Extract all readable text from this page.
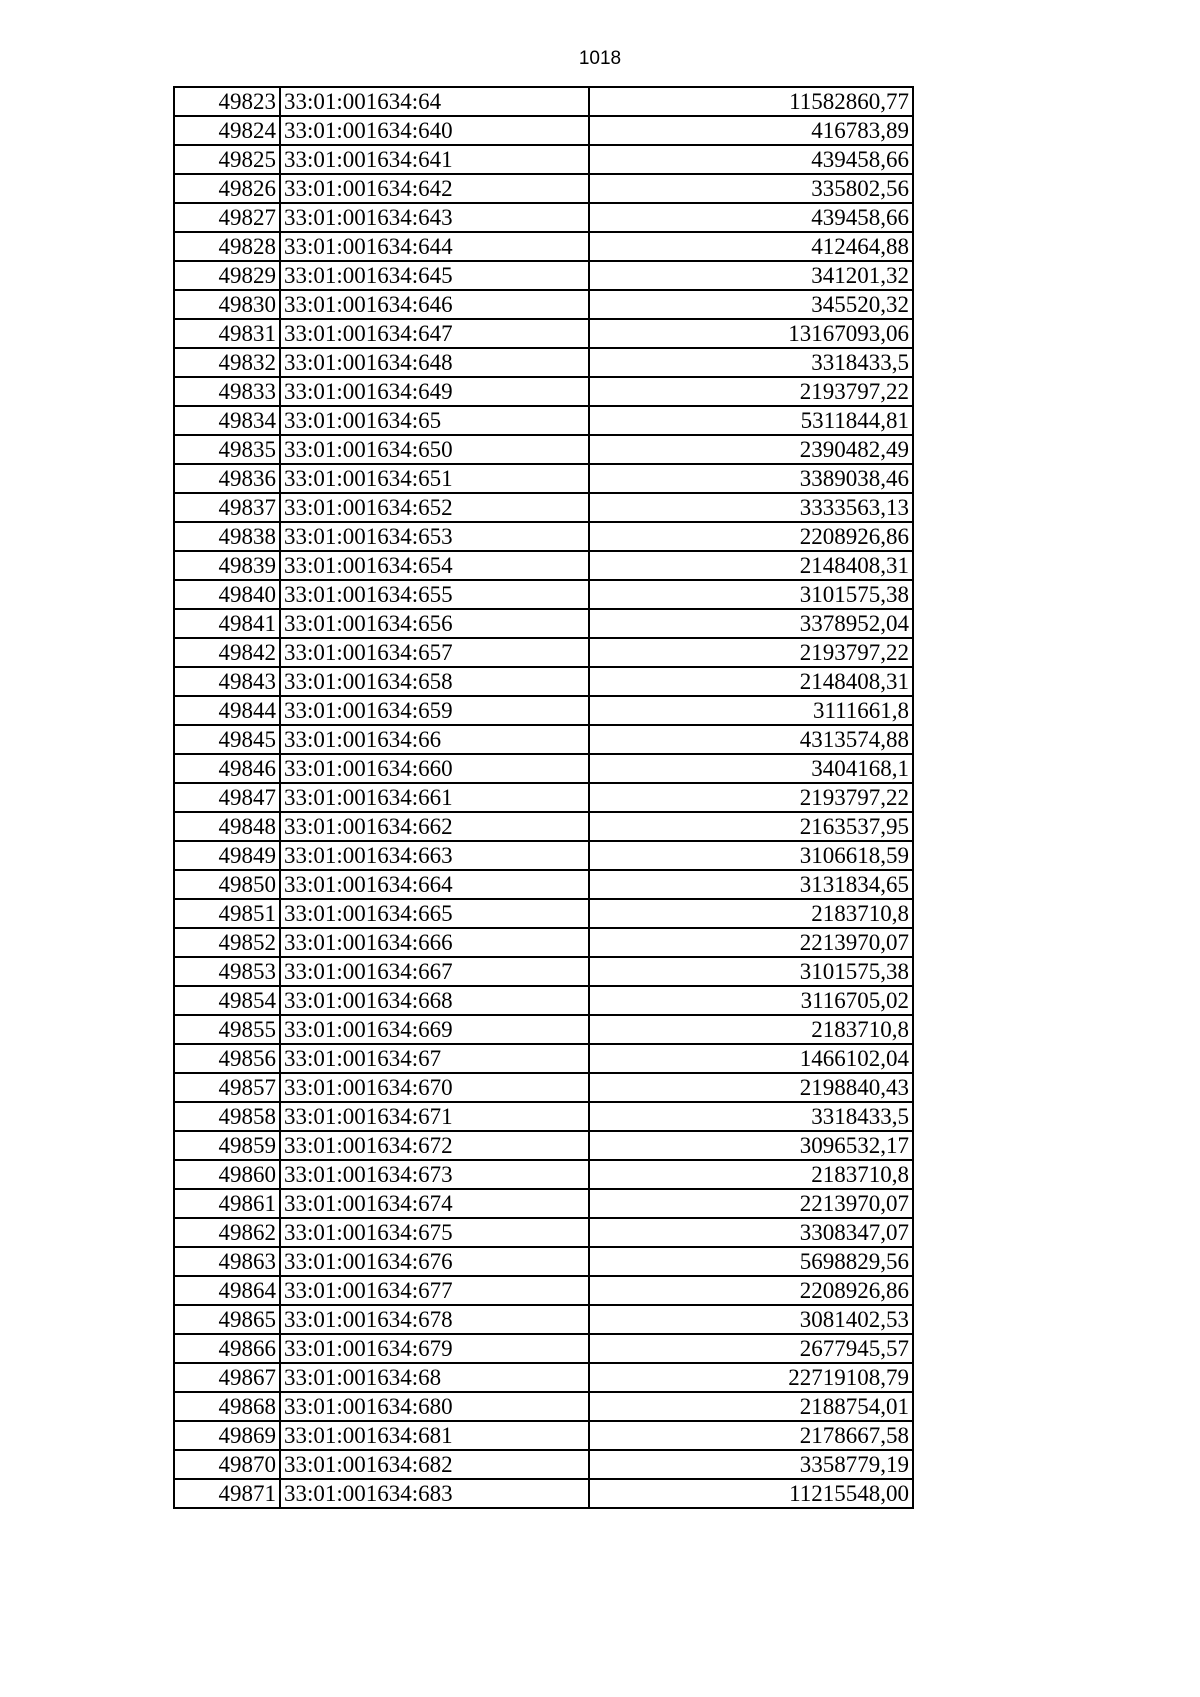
1018
49823	33:01:001634:64	11582860,77
49824	33:01:001634:640	416783,89
49825	33:01:001634:641	439458,66
49826	33:01:001634:642	335802,56
49827	33:01:001634:643	439458,66
49828	33:01:001634:644	412464,88
49829	33:01:001634:645	341201,32
49830	33:01:001634:646	345520,32
49831	33:01:001634:647	13167093,06
49832	33:01:001634:648	3318433,5
49833	33:01:001634:649	2193797,22
49834	33:01:001634:65	5311844,81
49835	33:01:001634:650	2390482,49
49836	33:01:001634:651	3389038,46
49837	33:01:001634:652	3333563,13
49838	33:01:001634:653	2208926,86
49839	33:01:001634:654	2148408,31
49840	33:01:001634:655	3101575,38
49841	33:01:001634:656	3378952,04
49842	33:01:001634:657	2193797,22
49843	33:01:001634:658	2148408,31
49844	33:01:001634:659	3111661,8
49845	33:01:001634:66	4313574,88
49846	33:01:001634:660	3404168,1
49847	33:01:001634:661	2193797,22
49848	33:01:001634:662	2163537,95
49849	33:01:001634:663	3106618,59
49850	33:01:001634:664	3131834,65
49851	33:01:001634:665	2183710,8
49852	33:01:001634:666	2213970,07
49853	33:01:001634:667	3101575,38
49854	33:01:001634:668	3116705,02
49855	33:01:001634:669	2183710,8
49856	33:01:001634:67	1466102,04
49857	33:01:001634:670	2198840,43
49858	33:01:001634:671	3318433,5
49859	33:01:001634:672	3096532,17
49860	33:01:001634:673	2183710,8
49861	33:01:001634:674	2213970,07
49862	33:01:001634:675	3308347,07
49863	33:01:001634:676	5698829,56
49864	33:01:001634:677	2208926,86
49865	33:01:001634:678	3081402,53
49866	33:01:001634:679	2677945,57
49867	33:01:001634:68	22719108,79
49868	33:01:001634:680	2188754,01
49869	33:01:001634:681	2178667,58
49870	33:01:001634:682	3358779,19
49871	33:01:001634:683	11215548,00
